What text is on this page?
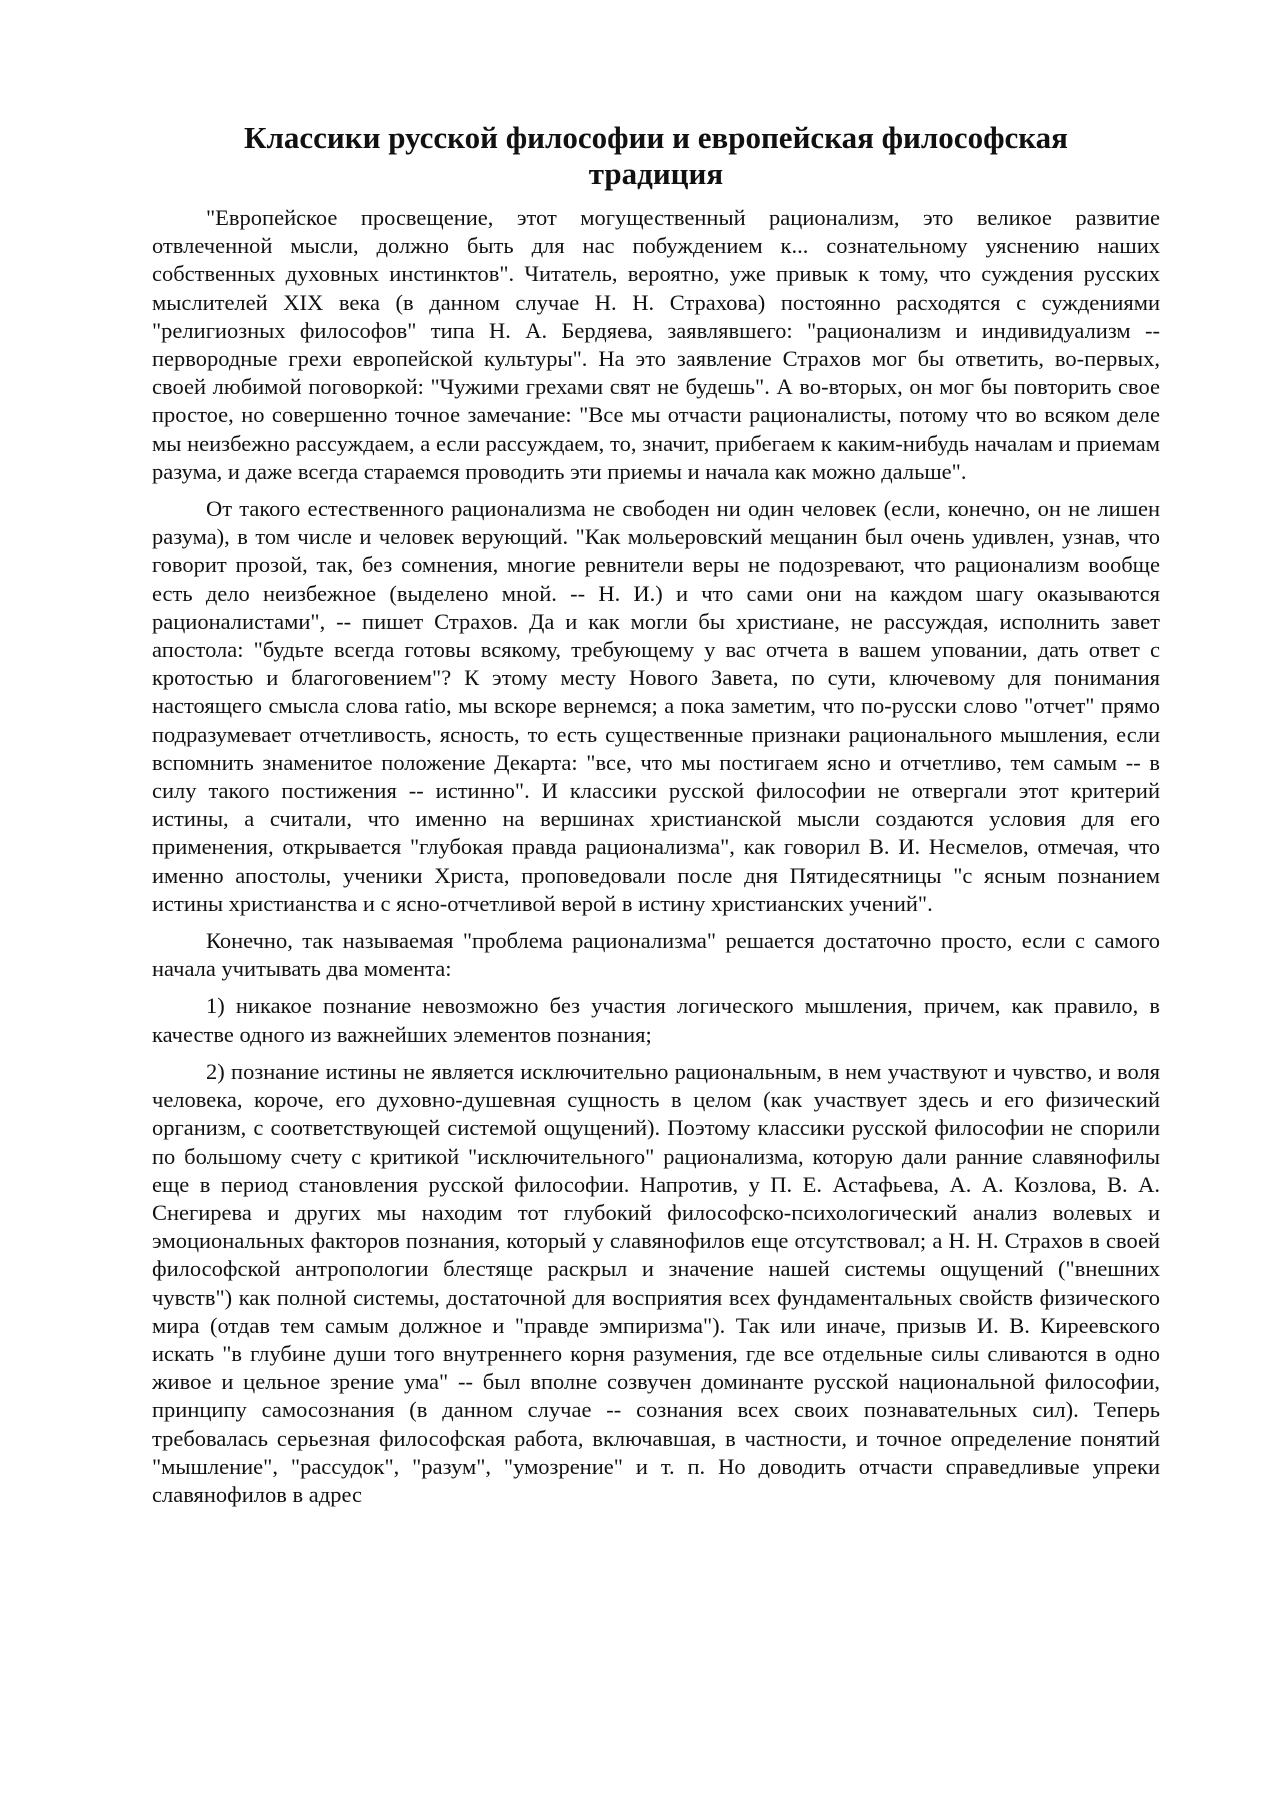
Классики русской философии и европейская философская традиция

"Европейское просвещение, этот могущественный рационализм, это великое развитие отвлеченной мысли, должно быть для нас побуждением к... сознательному уяснению наших собственных духовных инстинктов". Читатель, вероятно, уже привык к тому, что суждения русских мыслителей XIX века (в данном случае Н. Н. Страхова) постоянно расходятся с суждениями "религиозных философов" типа Н. А. Бердяева, заявлявшего: "рационализм и индивидуализм -- первородные грехи европейской культуры". На это заявление Страхов мог бы ответить, во-первых, своей любимой поговоркой: "Чужими грехами свят не будешь". А во-вторых, он мог бы повторить свое простое, но совершенно точное замечание: "Все мы отчасти рационалисты, потому что во всяком деле мы неизбежно рассуждаем, а если рассуждаем, то, значит, прибегаем к каким-нибудь началам и приемам разума, и даже всегда стараемся проводить эти приемы и начала как можно дальше".

От такого естественного рационализма не свободен ни один человек (если, конечно, он не лишен разума), в том числе и человек верующий. "Как мольеровский мещанин был очень удивлен, узнав, что говорит прозой, так, без сомнения, многие ревнители веры не подозревают, что рационализм вообще есть дело неизбежное (выделено мной. -- Н. И.) и что сами они на каждом шагу оказываются рационалистами", -- пишет Страхов. Да и как могли бы христиане, не рассуждая, исполнить завет апостола: "будьте всегда готовы всякому, требующему у вас отчета в вашем уповании, дать ответ с кротостью и благоговением"? К этому месту Нового Завета, по сути, ключевому для понимания настоящего смысла слова ratio, мы вскоре вернемся; а пока заметим, что по-русски слово "отчет" прямо подразумевает отчетливость, ясность, то есть существенные признаки рационального мышления, если вспомнить знаменитое положение Декарта: "все, что мы постигаем ясно и отчетливо, тем самым -- в силу такого постижения -- истинно". И классики русской философии не отвергали этот критерий истины, а считали, что именно на вершинах христианской мысли создаются условия для его применения, открывается "глубокая правда рационализма", как говорил В. И. Несмелов, отмечая, что именно апостолы, ученики Христа, проповедовали после дня Пятидесятницы "с ясным познанием истины христианства и с ясно-отчетливой верой в истину христианских учений".

Конечно, так называемая "проблема рационализма" решается достаточно просто, если с самого начала учитывать два момента:

1) никакое познание невозможно без участия логического мышления, причем, как правило, в качестве одного из важнейших элементов познания;

2) познание истины не является исключительно рациональным, в нем участвуют и чувство, и воля человека, короче, его духовно-душевная сущность в целом (как участвует здесь и его физический организм, с соответствующей системой ощущений). Поэтому классики русской философии не спорили по большому счету с критикой "исключительного" рационализма, которую дали ранние славянофилы еще в период становления русской философии. Напротив, у П. Е. Астафьева, А. А. Козлова, В. А. Снегирева и других мы находим тот глубокий философско-психологический анализ волевых и эмоциональных факторов познания, который у славянофилов еще отсутствовал; а Н. Н. Страхов в своей философской антропологии блестяще раскрыл и значение нашей системы ощущений ("внешних чувств") как полной системы, достаточной для восприятия всех фундаментальных свойств физического мира (отдав тем самым должное и "правде эмпиризма"). Так или иначе, призыв И. В. Киреевского искать "в глубине души того внутреннего корня разумения, где все отдельные силы сливаются в одно живое и цельное зрение ума" -- был вполне созвучен доминанте русской национальной философии, принципу самосознания (в данном случае -- сознания всех своих познавательных сил). Теперь требовалась серьезная философская работа, включавшая, в частности, и точное определение понятий "мышление", "рассудок", "разум", "умозрение" и т. п. Но доводить отчасти справедливые упреки славянофилов в адрес
